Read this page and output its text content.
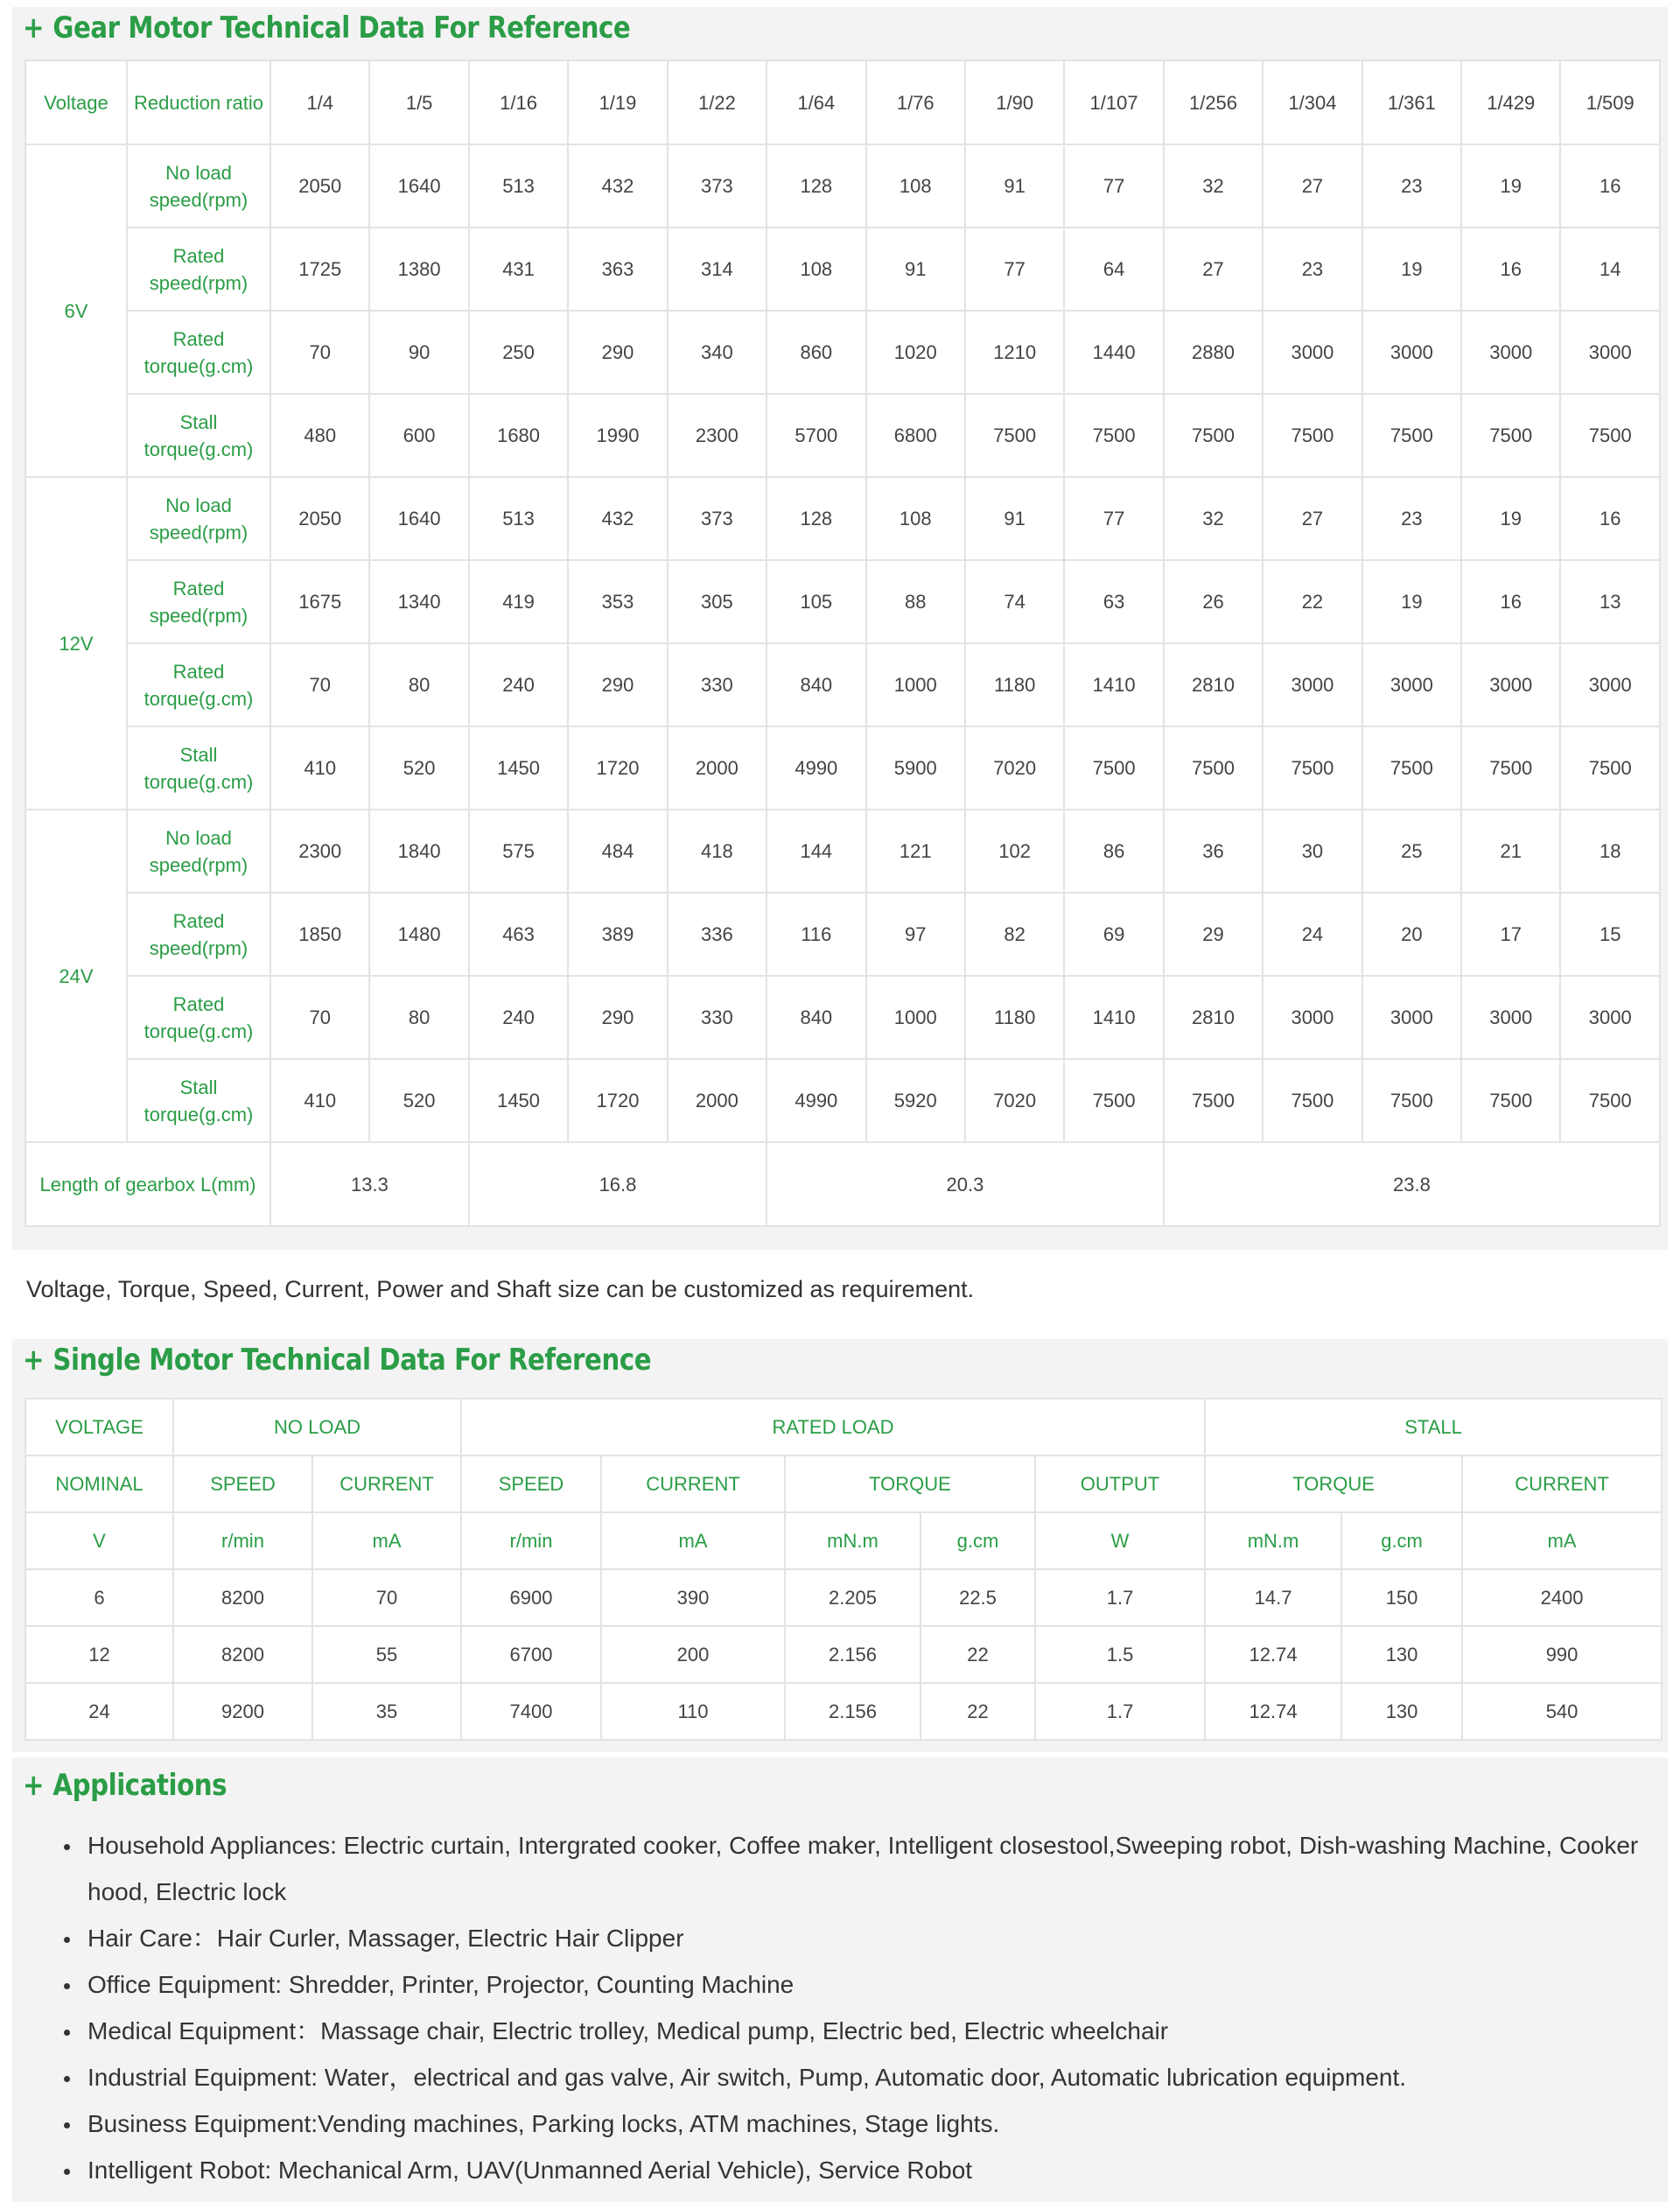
+ Gear Motor Technical Data For Reference
Voltage	Reduction ratio	1/4	1/5	1/16	1/19	1/22	1/64	1/76	1/90	1/107	1/256	1/304	1/361	1/429	1/509
6V	No load speed(rpm)	2050	1640	513	432	373	128	108	91	77	32	27	23	19	16
	Rated speed(rpm)	1725	1380	431	363	314	108	91	77	64	27	23	19	16	14
	Rated torque(g.cm)	70	90	250	290	340	860	1020	1210	1440	2880	3000	3000	3000	3000
	Stall torque(g.cm)	480	600	1680	1990	2300	5700	6800	7500	7500	7500	7500	7500	7500	7500
12V	No load speed(rpm)	2050	1640	513	432	373	128	108	91	77	32	27	23	19	16
	Rated speed(rpm)	1675	1340	419	353	305	105	88	74	63	26	22	19	16	13
	Rated torque(g.cm)	70	80	240	290	330	840	1000	1180	1410	2810	3000	3000	3000	3000
	Stall torque(g.cm)	410	520	1450	1720	2000	4990	5900	7020	7500	7500	7500	7500	7500	7500
24V	No load speed(rpm)	2300	1840	575	484	418	144	121	102	86	36	30	25	21	18
	Rated speed(rpm)	1850	1480	463	389	336	116	97	82	69	29	24	20	17	15
	Rated torque(g.cm)	70	80	240	290	330	840	1000	1180	1410	2810	3000	3000	3000	3000
	Stall torque(g.cm)	410	520	1450	1720	2000	4990	5920	7020	7500	7500	7500	7500	7500	7500
Length of gearbox L(mm)		13.3		16.8			20.3				23.8				
Voltage, Torque, Speed, Current, Power and Shaft size can be customized as requirement.
+ Single Motor Technical Data For Reference
VOLTAGE	NO LOAD		RATED LOAD					STALL		
NOMINAL	SPEED	CURRENT	SPEED	CURRENT	TORQUE		OUTPUT	TORQUE		CURRENT
V	r/min	mA	r/min	mA	mN.m	g.cm	W	mN.m	g.cm	mA
6	8200	70	6900	390	2.205	22.5	1.7	14.7	150	2400
12	8200	55	6700	200	2.156	22	1.5	12.74	130	990
24	9200	35	7400	110	2.156	22	1.7	12.74	130	540
+ Applications
• Household Appliances: Electric curtain, Intergrated cooker, Coffee maker, Intelligent closestool,Sweeping robot, Dish-washing Machine, Cooker hood, Electric lock
• Hair Care：Hair Curler, Massager, Electric Hair Clipper
• Office Equipment: Shredder, Printer, Projector, Counting Machine
• Medical Equipment：Massage chair, Electric trolley, Medical pump, Electric bed, Electric wheelchair
• Industrial Equipment: Water，electrical and gas valve, Air switch, Pump, Automatic door, Automatic lubrication equipment.
• Business Equipment:Vending machines, Parking locks, ATM machines, Stage lights.
• Intelligent Robot: Mechanical Arm, UAV(Unmanned Aerial Vehicle), Service Robot
